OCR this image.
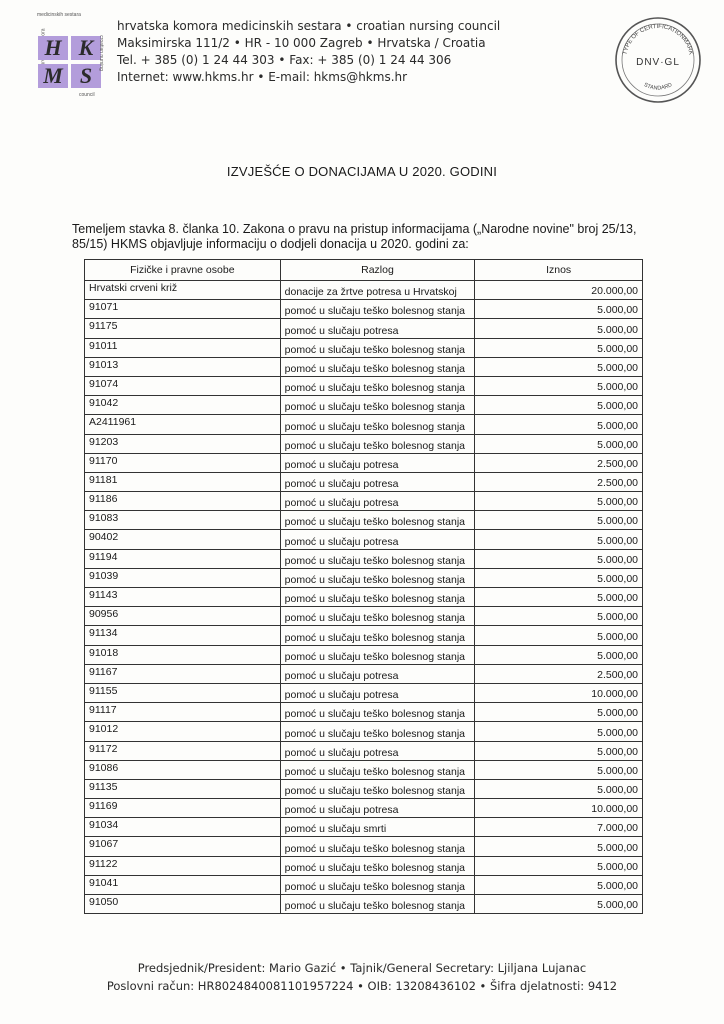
medicinskih sestara
H K
M S
croatian nursing
council
hrvatska komora medicinskih sestara • croatian nursing council
Maksimirska 111/2 • HR - 10 000 Zagreb • Hrvatska / Croatia
Tel. + 385 (0) 1 24 44 303 • Fax: + 385 (0) 1 24 44 306
Internet: www.hkms.hr • E-mail: hkms@hkms.hr
TYPE OF CERTIFICATIONMARK
DNV·GL
STANDARD
IZVJEŠĆE O DONACIJAMA U 2020. GODINI
Temeljem stavka 8. članka 10. Zakona o pravu na pristup informacijama („Narodne novine" broj 25/13, 85/15) HKMS objavljuje informaciju o dodjeli donacija u 2020. godini za:
Fizičke i pravne osobe	Razlog	Iznos
Hrvatski crveni križ	donacije za žrtve potresa u Hrvatskoj	20.000,00
91071	pomoć u slučaju teško bolesnog stanja	5.000,00
91175	pomoć u slučaju potresa	5.000,00
91011	pomoć u slučaju teško bolesnog stanja	5.000,00
91013	pomoć u slučaju teško bolesnog stanja	5.000,00
91074	pomoć u slučaju teško bolesnog stanja	5.000,00
91042	pomoć u slučaju teško bolesnog stanja	5.000,00
A2411961	pomoć u slučaju teško bolesnog stanja	5.000,00
91203	pomoć u slučaju teško bolesnog stanja	5.000,00
91170	pomoć u slučaju potresa	2.500,00
91181	pomoć u slučaju potresa	2.500,00
91186	pomoć u slučaju potresa	5.000,00
91083	pomoć u slučaju teško bolesnog stanja	5.000,00
90402	pomoć u slučaju potresa	5.000,00
91194	pomoć u slučaju teško bolesnog stanja	5.000,00
91039	pomoć u slučaju teško bolesnog stanja	5.000,00
91143	pomoć u slučaju teško bolesnog stanja	5.000,00
90956	pomoć u slučaju teško bolesnog stanja	5.000,00
91134	pomoć u slučaju teško bolesnog stanja	5.000,00
91018	pomoć u slučaju teško bolesnog stanja	5.000,00
91167	pomoć u slučaju potresa	2.500,00
91155	pomoć u slučaju potresa	10.000,00
91117	pomoć u slučaju teško bolesnog stanja	5.000,00
91012	pomoć u slučaju teško bolesnog stanja	5.000,00
91172	pomoć u slučaju potresa	5.000,00
91086	pomoć u slučaju teško bolesnog stanja	5.000,00
91135	pomoć u slučaju teško bolesnog stanja	5.000,00
91169	pomoć u slučaju potresa	10.000,00
91034	pomoć u slučaju smrti	7.000,00
91067	pomoć u slučaju teško bolesnog stanja	5.000,00
91122	pomoć u slučaju teško bolesnog stanja	5.000,00
91041	pomoć u slučaju teško bolesnog stanja	5.000,00
91050	pomoć u slučaju teško bolesnog stanja	5.000,00
Predsjednik/President: Mario Gazić • Tajnik/General Secretary: Ljiljana Lujanac
Poslovni račun: HR8024840081101957224 • OIB: 13208436102 • Šifra djelatnosti: 9412
